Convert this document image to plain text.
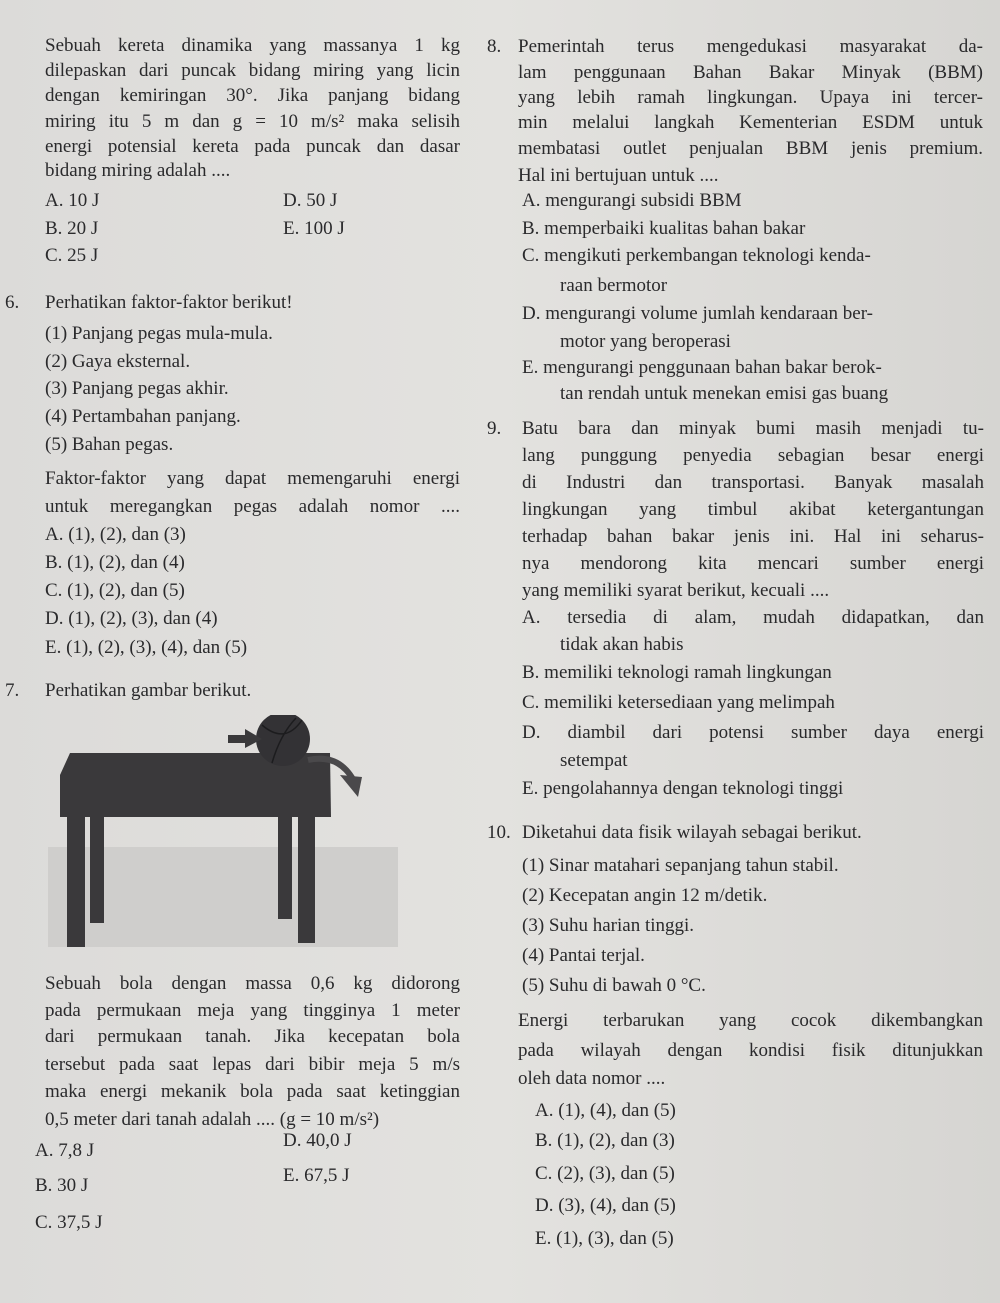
Sebuah kereta dinamika yang massanya 1 kg
dilepaskan dari puncak bidang miring yang licin
dengan kemiringan 30°. Jika panjang bidang
miring itu 5 m dan g = 10 m/s² maka selisih
energi potensial kereta pada puncak dan dasar
bidang miring adalah ....
A. 10 J	D. 50 J
B. 20 J	E. 100 J
C. 25 J
6. Perhatikan faktor-faktor berikut!
(1) Panjang pegas mula-mula.
(2) Gaya eksternal.
(3) Panjang pegas akhir.
(4) Pertambahan panjang.
(5) Bahan pegas.
Faktor-faktor yang dapat memengaruhi energi
untuk meregangkan pegas adalah nomor ....
A. (1), (2), dan (3)
B. (1), (2), dan (4)
C. (1), (2), dan (5)
D. (1), (2), (3), dan (4)
E. (1), (2), (3), (4), dan (5)
7. Perhatikan gambar berikut.
Sebuah bola dengan massa 0,6 kg didorong
pada permukaan meja yang tingginya 1 meter
dari permukaan tanah. Jika kecepatan bola
tersebut pada saat lepas dari bibir meja 5 m/s
maka energi mekanik bola pada saat ketinggian
0,5 meter dari tanah adalah .... (g = 10 m/s²)
A. 7,8 J	D. 40,0 J
B. 30 J	E. 67,5 J
C. 37,5 J
8. Pemerintah terus mengedukasi masyarakat da-
lam penggunaan Bahan Bakar Minyak (BBM)
yang lebih ramah lingkungan. Upaya ini tercer-
min melalui langkah Kementerian ESDM untuk
membatasi outlet penjualan BBM jenis premium.
Hal ini bertujuan untuk ....
A. mengurangi subsidi BBM
B. memperbaiki kualitas bahan bakar
C. mengikuti perkembangan teknologi kenda-
raan bermotor
D. mengurangi volume jumlah kendaraan ber-
motor yang beroperasi
E. mengurangi penggunaan bahan bakar berok-
tan rendah untuk menekan emisi gas buang
9. Batu bara dan minyak bumi masih menjadi tu-
lang punggung penyedia sebagian besar energi
di Industri dan transportasi. Banyak masalah
lingkungan yang timbul akibat ketergantungan
terhadap bahan bakar jenis ini. Hal ini seharus-
nya mendorong kita mencari sumber energi
yang memiliki syarat berikut, kecuali ....
A. tersedia di alam, mudah didapatkan, dan
tidak akan habis
B. memiliki teknologi ramah lingkungan
C. memiliki ketersediaan yang melimpah
D. diambil dari potensi sumber daya energi
setempat
E. pengolahannya dengan teknologi tinggi
10. Diketahui data fisik wilayah sebagai berikut.
(1) Sinar matahari sepanjang tahun stabil.
(2) Kecepatan angin 12 m/detik.
(3) Suhu harian tinggi.
(4) Pantai terjal.
(5) Suhu di bawah 0 °C.
Energi terbarukan yang cocok dikembangkan
pada wilayah dengan kondisi fisik ditunjukkan
oleh data nomor ....
A. (1), (4), dan (5)
B. (1), (2), dan (3)
C. (2), (3), dan (5)
D. (3), (4), dan (5)
E. (1), (3), dan (5)
